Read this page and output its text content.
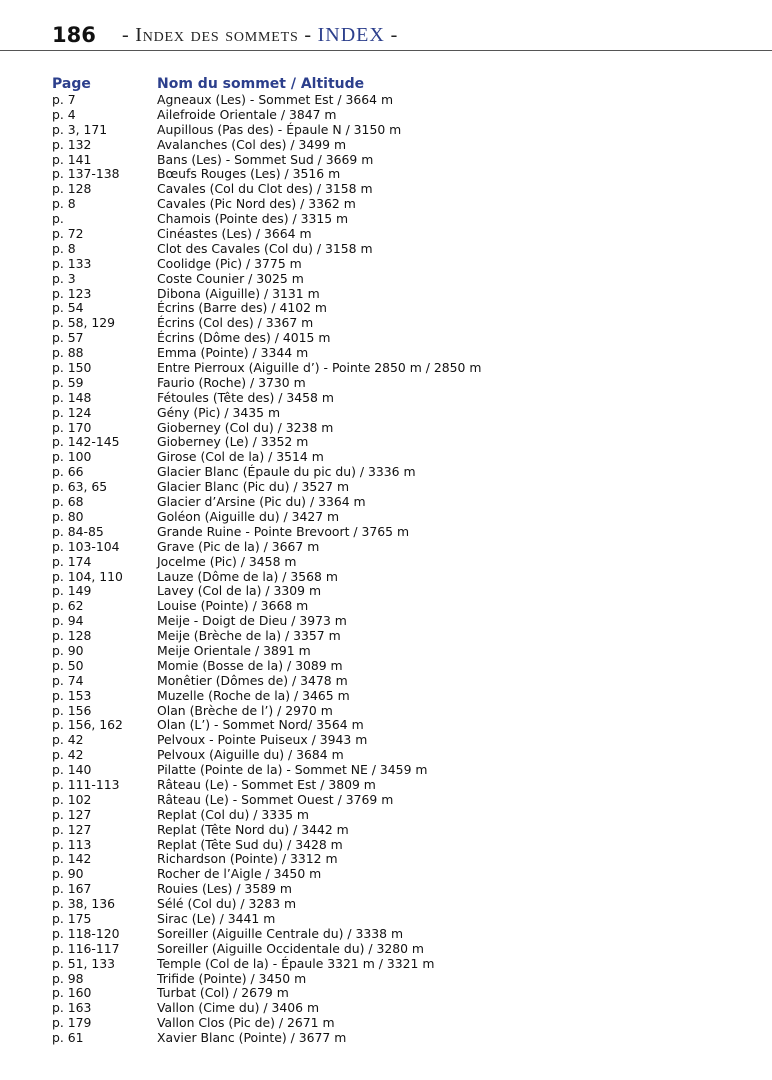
186 - Index des sommets - INDEX -
Page	Nom du sommet / Altitude
p. 7	Agneaux (Les) - Sommet Est / 3664 m
p. 4	Ailefroide Orientale / 3847 m
p. 3, 171	Aupillous (Pas des) - Épaule N / 3150 m
p. 132	Avalanches (Col des) / 3499 m
p. 141	Bans (Les) - Sommet Sud / 3669 m
p. 137-138	Bœufs Rouges (Les) / 3516 m
p. 128	Cavales (Col du Clot des) / 3158 m
p. 8	Cavales (Pic Nord des) / 3362 m
p.	Chamois (Pointe des) / 3315 m
p. 72	Cinéastes (Les) / 3664 m
p. 8	Clot des Cavales (Col du) / 3158 m
p. 133	Coolidge (Pic) / 3775 m
p. 3	Coste Counier / 3025 m
p. 123	Dibona (Aiguille) / 3131 m
p. 54	Écrins (Barre des) / 4102 m
p. 58, 129	Écrins (Col des) / 3367 m
p. 57	Écrins (Dôme des) / 4015 m
p. 88	Emma (Pointe) / 3344 m
p. 150	Entre Pierroux (Aiguille d’) - Pointe 2850 m / 2850 m
p. 59	Faurio (Roche) / 3730 m
p. 148	Fétoules (Tête des) / 3458 m
p. 124	Gény (Pic) / 3435 m
p. 170	Gioberney (Col du) / 3238 m
p. 142-145	Gioberney (Le) / 3352 m
p. 100	Girose (Col de la) / 3514 m
p. 66	Glacier Blanc (Épaule du pic du) / 3336 m
p. 63, 65	Glacier Blanc (Pic du) / 3527 m
p. 68	Glacier d’Arsine (Pic du) / 3364 m
p. 80	Goléon (Aiguille du) / 3427 m
p. 84-85	Grande Ruine - Pointe Brevoort / 3765 m
p. 103-104	Grave (Pic de la) / 3667 m
p. 174	Jocelme (Pic) / 3458 m
p. 104, 110	Lauze (Dôme de la) / 3568 m
p. 149	Lavey (Col de la) / 3309 m
p. 62	Louise (Pointe) / 3668 m
p. 94	Meije - Doigt de Dieu / 3973 m
p. 128	Meije (Brèche de la) / 3357 m
p. 90	Meije Orientale / 3891 m
p. 50	Momie (Bosse de la) / 3089 m
p. 74	Monêtier (Dômes de) / 3478 m
p. 153	Muzelle (Roche de la) / 3465 m
p. 156	Olan (Brèche de l’) / 2970 m
p. 156, 162	Olan (L’) - Sommet Nord/ 3564 m
p. 42	Pelvoux - Pointe Puiseux / 3943 m
p. 42	Pelvoux (Aiguille du) / 3684 m
p. 140	Pilatte (Pointe de la) - Sommet NE / 3459 m
p. 111-113	Râteau (Le) - Sommet Est / 3809 m
p. 102	Râteau (Le) - Sommet Ouest / 3769 m
p. 127	Replat (Col du) / 3335 m
p. 127	Replat (Tête Nord du) / 3442 m
p. 113	Replat (Tête Sud du) / 3428 m
p. 142	Richardson (Pointe) / 3312 m
p. 90	Rocher de l’Aigle / 3450 m
p. 167	Rouies (Les) / 3589 m
p. 38, 136	Sélé (Col du) / 3283 m
p. 175	Sirac (Le) / 3441 m
p. 118-120	Soreiller (Aiguille Centrale du) / 3338 m
p. 116-117	Soreiller (Aiguille Occidentale du) / 3280 m
p. 51, 133	Temple (Col de la) - Épaule 3321 m / 3321 m
p. 98	Trifide (Pointe) / 3450 m
p. 160	Turbat (Col) / 2679 m
p. 163	Vallon (Cime du) / 3406 m
p. 179	Vallon Clos (Pic de) / 2671 m
p. 61	Xavier Blanc (Pointe) / 3677 m
